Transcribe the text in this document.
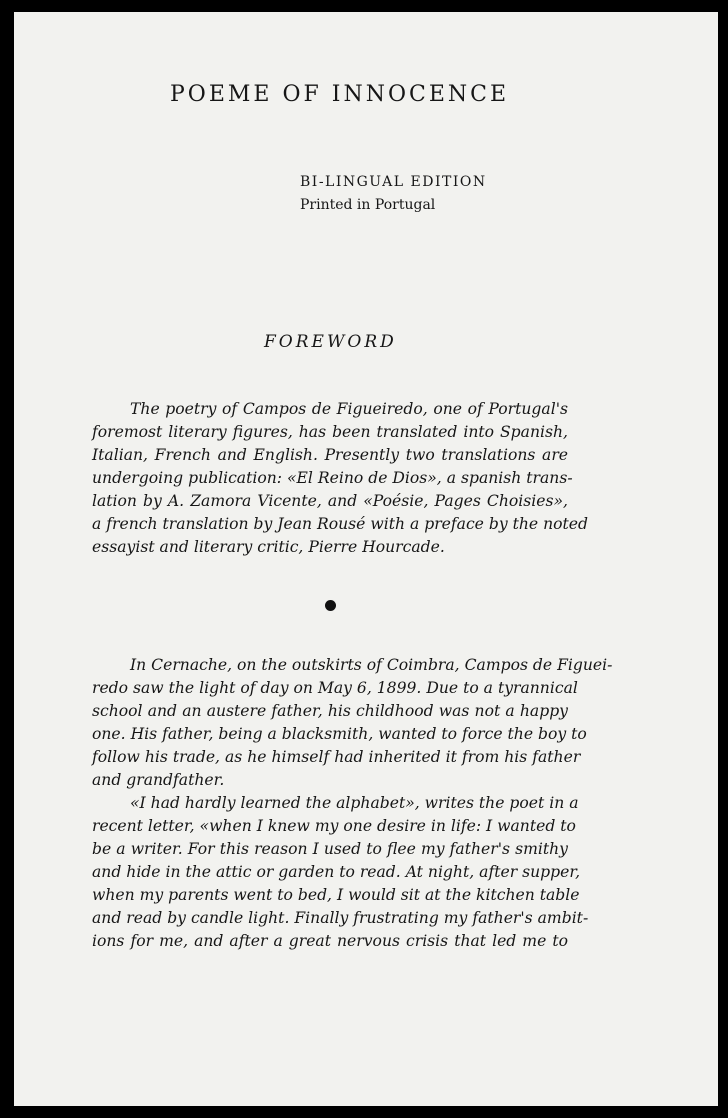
POEME OF INNOCENCE
BI-LINGUAL EDITION
Printed in Portugal
FOREWORD
The poetry of Campos de Figueiredo, one of Portugal's
foremost literary figures, has been translated into Spanish,
Italian, French and English. Presently two translations are
undergoing publication: «El Reino de Dios», a spanish trans-
lation by A. Zamora Vicente, and «Poésie, Pages Choisies»,
a french translation by Jean Rousé with a preface by the noted
essayist and literary critic, Pierre Hourcade.
In Cernache, on the outskirts of Coimbra, Campos de Figuei-
redo saw the light of day on May 6, 1899. Due to a tyrannical
school and an austere father, his childhood was not a happy
one. His father, being a blacksmith, wanted to force the boy to
follow his trade, as he himself had inherited it from his father
and grandfather.
«I had hardly learned the alphabet», writes the poet in a
recent letter, «when I knew my one desire in life: I wanted to
be a writer. For this reason I used to flee my father's smithy
and hide in the attic or garden to read. At night, after supper,
when my parents went to bed, I would sit at the kitchen table
and read by candle light. Finally frustrating my father's ambit-
ions for me, and after a great nervous crisis that led me to
